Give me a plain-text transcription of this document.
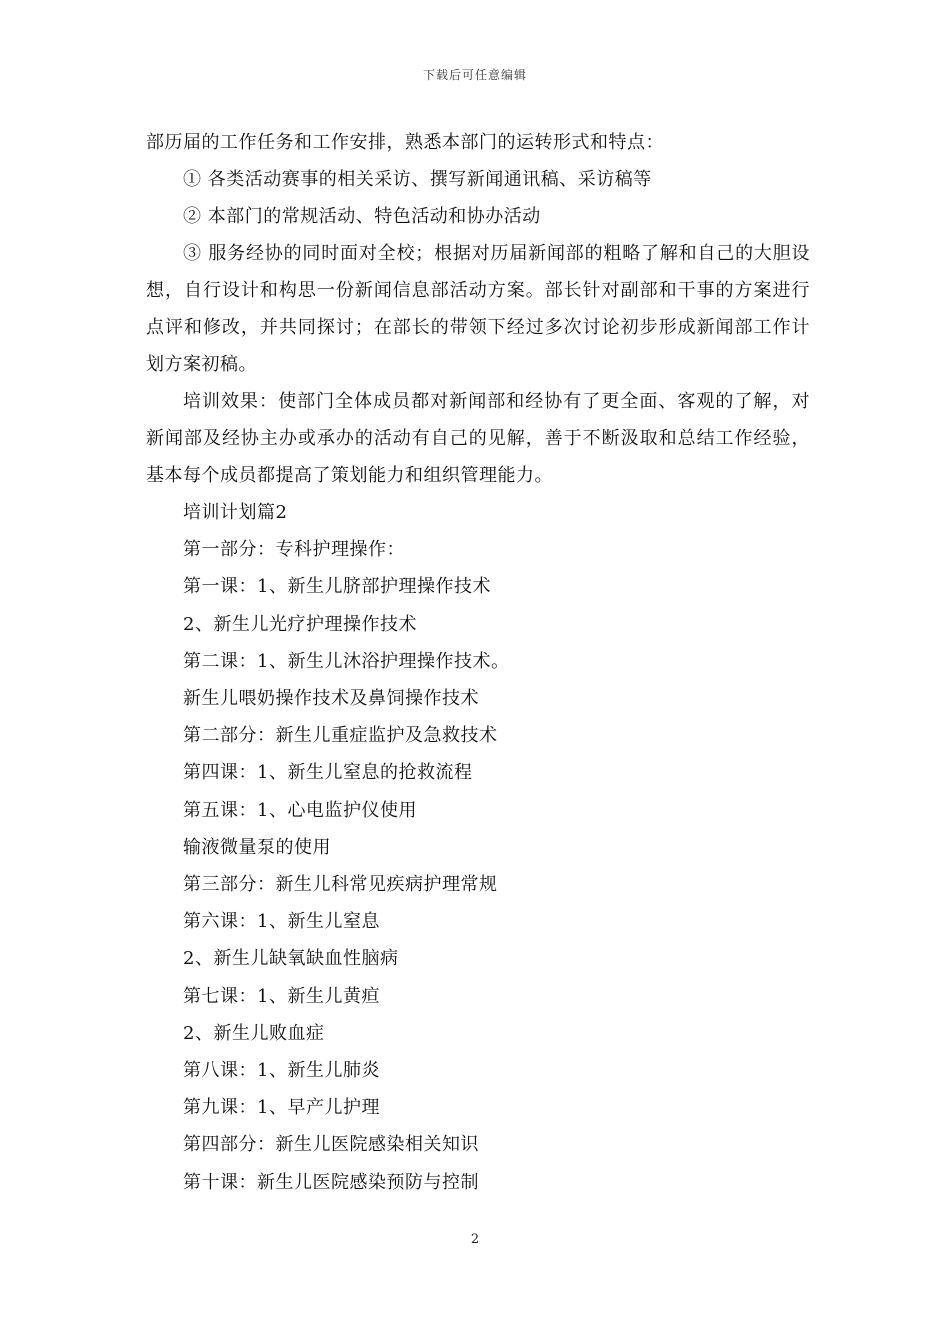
下载后可任意编辑

部历届的工作任务和工作安排，熟悉本部门的运转形式和特点：

① 各类活动赛事的相关采访、撰写新闻通讯稿、采访稿等

② 本部门的常规活动、特色活动和协办活动

③ 服务经协的同时面对全校；根据对历届新闻部的粗略了解和自己的大胆设想，自行设计和构思一份新闻信息部活动方案。部长针对副部和干事的方案进行点评和修改，并共同探讨；在部长的带领下经过多次讨论初步形成新闻部工作计划方案初稿。

培训效果：使部门全体成员都对新闻部和经协有了更全面、客观的了解，对新闻部及经协主办或承办的活动有自己的见解，善于不断汲取和总结工作经验，基本每个成员都提高了策划能力和组织管理能力。

培训计划篇2

第一部分：专科护理操作：

第一课：1、新生儿脐部护理操作技术

2、新生儿光疗护理操作技术

第二课：1、新生儿沐浴护理操作技术。

新生儿喂奶操作技术及鼻饲操作技术

第二部分：新生儿重症监护及急救技术

第四课：1、新生儿窒息的抢救流程

第五课：1、心电监护仪使用

输液微量泵的使用

第三部分：新生儿科常见疾病护理常规

第六课：1、新生儿窒息

2、新生儿缺氧缺血性脑病

第七课：1、新生儿黄疸

2、新生儿败血症

第八课：1、新生儿肺炎

第九课：1、早产儿护理

第四部分：新生儿医院感染相关知识

第十课：新生儿医院感染预防与控制

2
